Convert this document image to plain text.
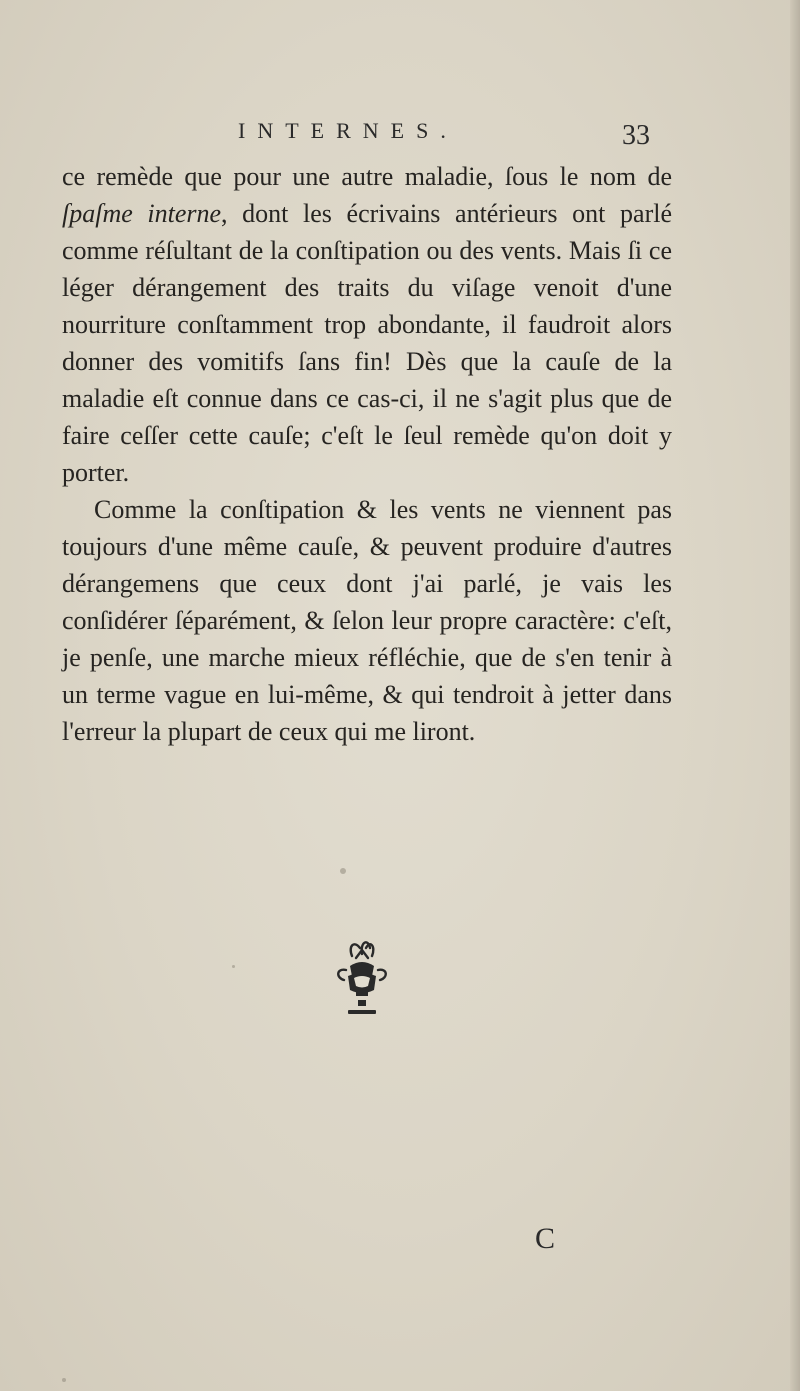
INTERNES.	33

ce remède que pour une autre maladie, ſous le nom de ſpaſme interne, dont les écrivains antérieurs ont parlé comme réſultant de la conſtipation ou des vents. Mais ſi ce léger dérangement des traits du viſage venoit d'une nourriture conſtamment trop abondante, il faudroit alors donner des vomitifs ſans fin! Dès que la cauſe de la maladie eſt connue dans ce cas-ci, il ne s'agit plus que de faire ceſſer cette cauſe; c'eſt le ſeul remède qu'on doit y porter.

Comme la conſtipation & les vents ne viennent pas toujours d'une même cauſe, & peuvent produire d'autres dérangemens que ceux dont j'ai parlé, je vais les conſidérer ſéparément, & ſelon leur propre caractère: c'eſt, je penſe, une marche mieux réfléchie, que de s'en tenir à un terme vague en lui-même, & qui tendroit à jetter dans l'erreur la plupart de ceux qui me liront.

C
